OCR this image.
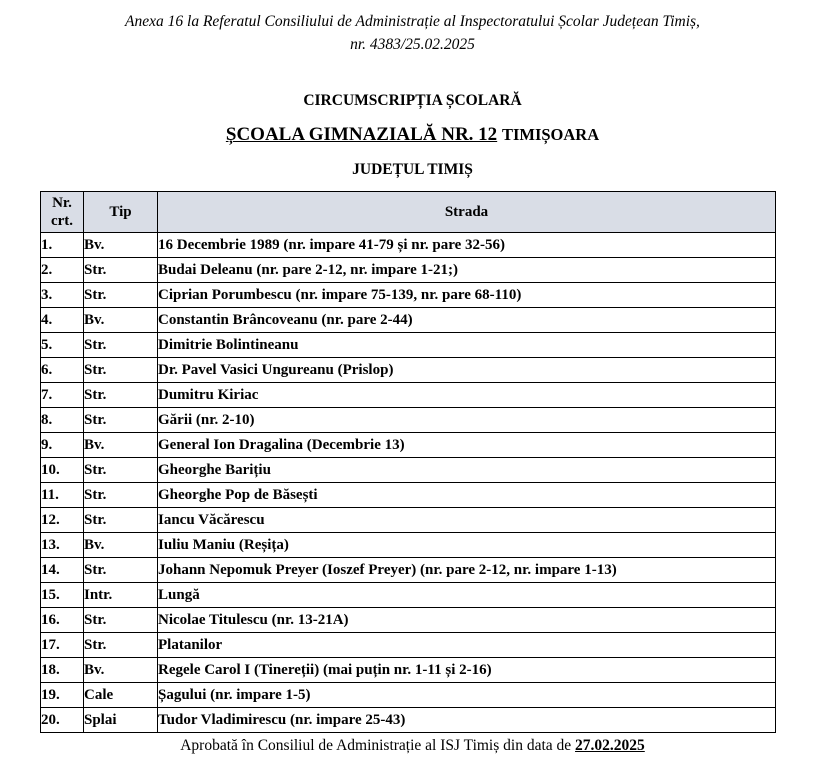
Anexa 16 la Referatul Consiliului de Administrație al Inspectoratului Școlar Județean Timiș,
nr. 4383/25.02.2025
CIRCUMSCRIPȚIA ȘCOLARĂ
ȘCOALA GIMNAZIALĂ NR. 12 TIMIȘOARA
JUDEȚUL TIMIȘ
Nr.
crt.	Tip	Strada
1.	Bv.	16 Decembrie 1989 (nr. impare 41-79 și nr. pare 32-56)
2.	Str.	Budai Deleanu (nr. pare 2-12, nr. impare 1-21;)
3.	Str.	Ciprian Porumbescu (nr. impare 75-139, nr. pare 68-110)
4.	Bv.	Constantin Brâncoveanu (nr. pare 2-44)
5.	Str.	Dimitrie Bolintineanu
6.	Str.	Dr. Pavel Vasici Ungureanu (Prislop)
7.	Str.	Dumitru Kiriac
8.	Str.	Gării (nr. 2-10)
9.	Bv.	General Ion Dragalina (Decembrie 13)
10.	Str.	Gheorghe Barițiu
11.	Str.	Gheorghe Pop de Băsești
12.	Str.	Iancu Văcărescu
13.	Bv.	Iuliu Maniu (Reșița)
14.	Str.	Johann Nepomuk Preyer (Ioszef Preyer) (nr. pare 2-12, nr. impare 1-13)
15.	Intr.	Lungă
16.	Str.	Nicolae Titulescu (nr. 13-21A)
17.	Str.	Platanilor
18.	Bv.	Regele Carol I (Tinereții) (mai puțin nr. 1-11 și 2-16)
19.	Cale	Șagului (nr. impare 1-5)
20.	Splai	Tudor Vladimirescu (nr. impare 25-43)
Aprobată în Consiliul de Administrație al ISJ Timiș din data de 27.02.2025
